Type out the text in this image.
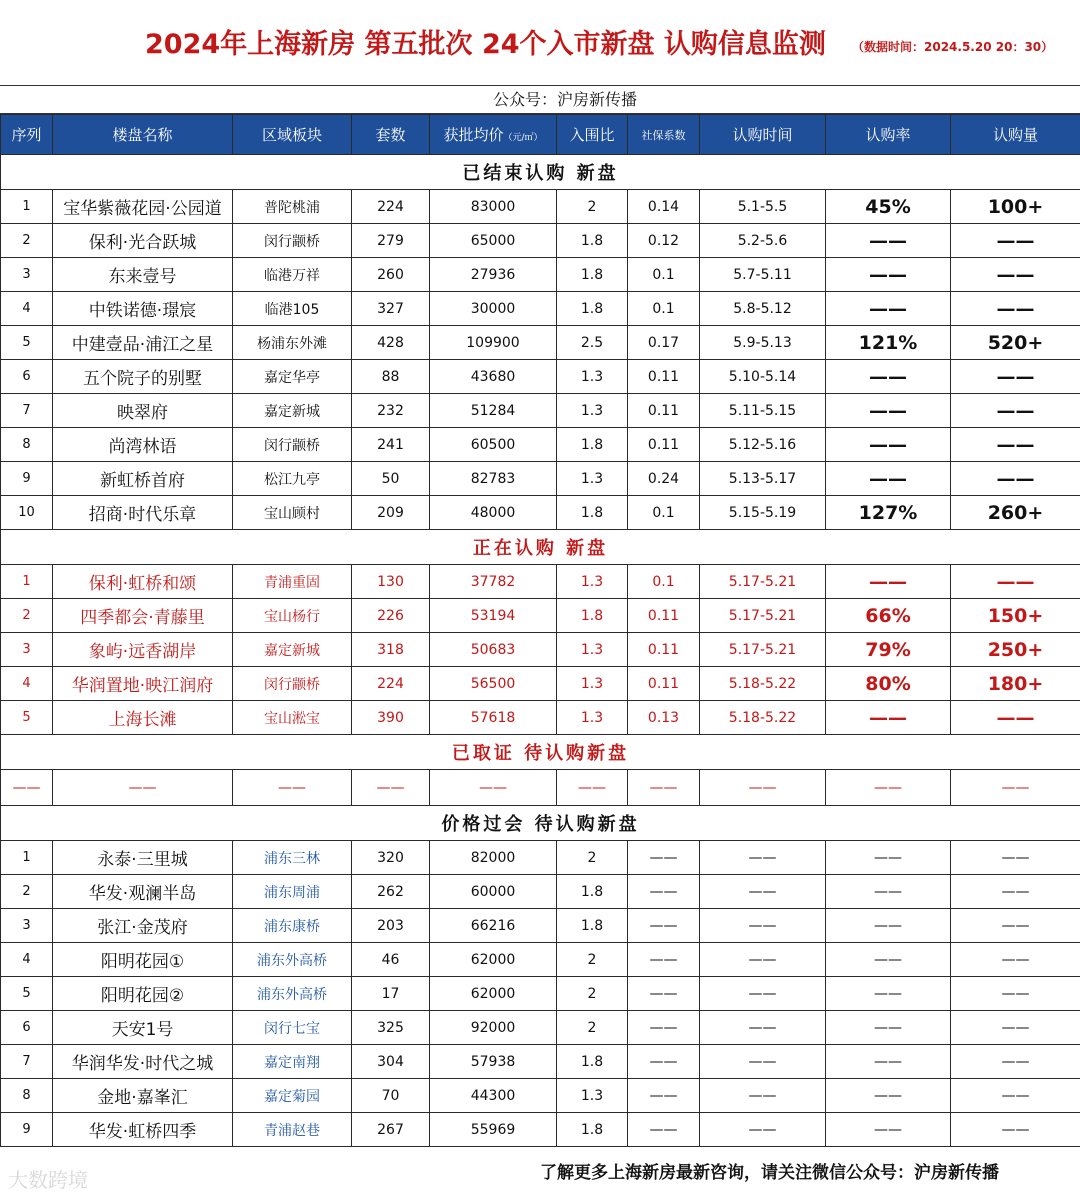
2024年上海新房 第五批次 24个入市新盘 认购信息监测 （数据时间：2024.5.20 20：30）
公众号：沪房新传播
序列	楼盘名称	区域板块	套数	获批均价（元/㎡）	入围比	社保系数	认购时间	认购率	认购量
已结束认购 新盘									
1	宝华紫薇花园·公园道	普陀桃浦	224	83000	2	0.14	5.1-5.5	45%	100+
2	保利·光合跃城	闵行颛桥	279	65000	1.8	0.12	5.2-5.6	——	——
3	东来壹号	临港万祥	260	27936	1.8	0.1	5.7-5.11	——	——
4	中铁诺德·璟宸	临港105	327	30000	1.8	0.1	5.8-5.12	——	——
5	中建壹品·浦江之星	杨浦东外滩	428	109900	2.5	0.17	5.9-5.13	121%	520+
6	五个院子的别墅	嘉定华亭	88	43680	1.3	0.11	5.10-5.14	——	——
7	映翠府	嘉定新城	232	51284	1.3	0.11	5.11-5.15	——	——
8	尚湾林语	闵行颛桥	241	60500	1.8	0.11	5.12-5.16	——	——
9	新虹桥首府	松江九亭	50	82783	1.3	0.24	5.13-5.17	——	——
10	招商·时代乐章	宝山顾村	209	48000	1.8	0.1	5.15-5.19	127%	260+
正在认购 新盘									
1	保利·虹桥和颂	青浦重固	130	37782	1.3	0.1	5.17-5.21	——	——
2	四季都会·青藤里	宝山杨行	226	53194	1.8	0.11	5.17-5.21	66%	150+
3	象屿·远香湖岸	嘉定新城	318	50683	1.3	0.11	5.17-5.21	79%	250+
4	华润置地·映江润府	闵行颛桥	224	56500	1.3	0.11	5.18-5.22	80%	180+
5	上海长滩	宝山淞宝	390	57618	1.3	0.13	5.18-5.22	——	——
已取证 待认购新盘									
——	——	——	——	——	——	——	——	——	——
价格过会 待认购新盘									
1	永泰·三里城	浦东三林	320	82000	2	——	——	——	——
2	华发·观澜半岛	浦东周浦	262	60000	1.8	——	——	——	——
3	张江·金茂府	浦东康桥	203	66216	1.8	——	——	——	——
4	阳明花园①	浦东外高桥	46	62000	2	——	——	——	——
5	阳明花园②	浦东外高桥	17	62000	2	——	——	——	——
6	天安1号	闵行七宝	325	92000	2	——	——	——	——
7	华润华发·时代之城	嘉定南翔	304	57938	1.8	——	——	——	——
8	金地·嘉峯汇	嘉定菊园	70	44300	1.3	——	——	——	——
9	华发·虹桥四季	青浦赵巷	267	55969	1.8	——	——	——	——
了解更多上海新房最新咨询，请关注微信公众号：沪房新传播
大数跨境
